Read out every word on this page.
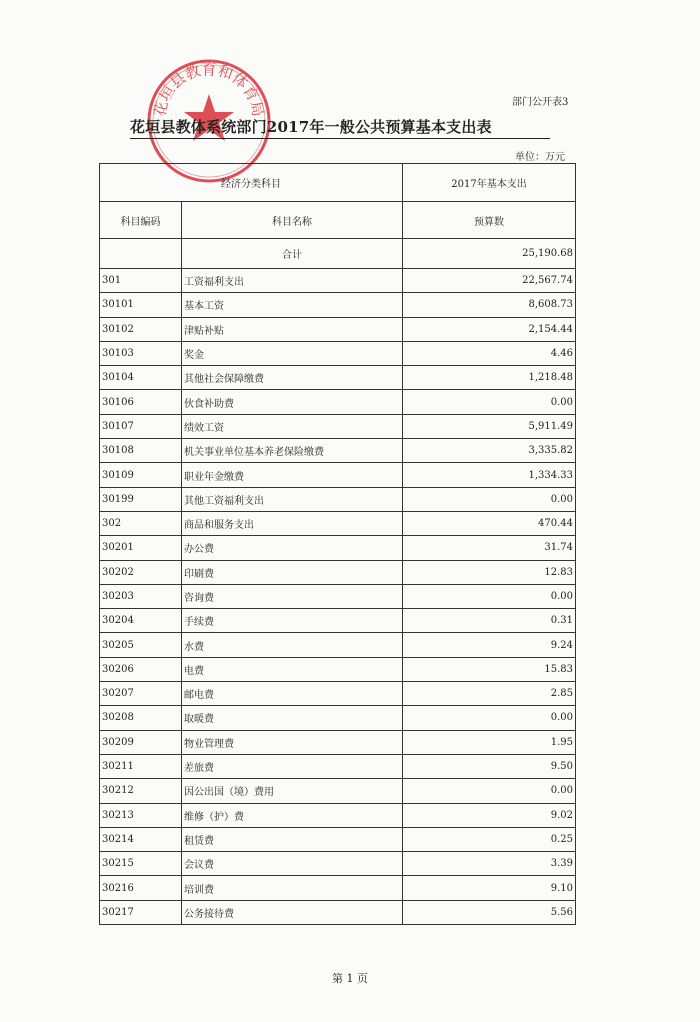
花垣县教育和体育局	部门公开表3
花垣县教体系统部门2017年一般公共预算基本支出表
单位：万元
经济分类科目		2017年基本支出
科目编码	科目名称	预算数
	合计	25,190.68
301	工资福利支出	22,567.74
30101	基本工资	8,608.73
30102	津贴补贴	2,154.44
30103	奖金	4.46
30104	其他社会保障缴费	1,218.48
30106	伙食补助费	0.00
30107	绩效工资	5,911.49
30108	机关事业单位基本养老保险缴费	3,335.82
30109	职业年金缴费	1,334.33
30199	其他工资福利支出	0.00
302	商品和服务支出	470.44
30201	办公费	31.74
30202	印刷费	12.83
30203	咨询费	0.00
30204	手续费	0.31
30205	水费	9.24
30206	电费	15.83
30207	邮电费	2.85
30208	取暖费	0.00
30209	物业管理费	1.95
30211	差旅费	9.50
30212	因公出国（境）费用	0.00
30213	维修（护）费	9.02
30214	租赁费	0.25
30215	会议费	3.39
30216	培训费	9.10
30217	公务接待费	5.56
第 1 页
